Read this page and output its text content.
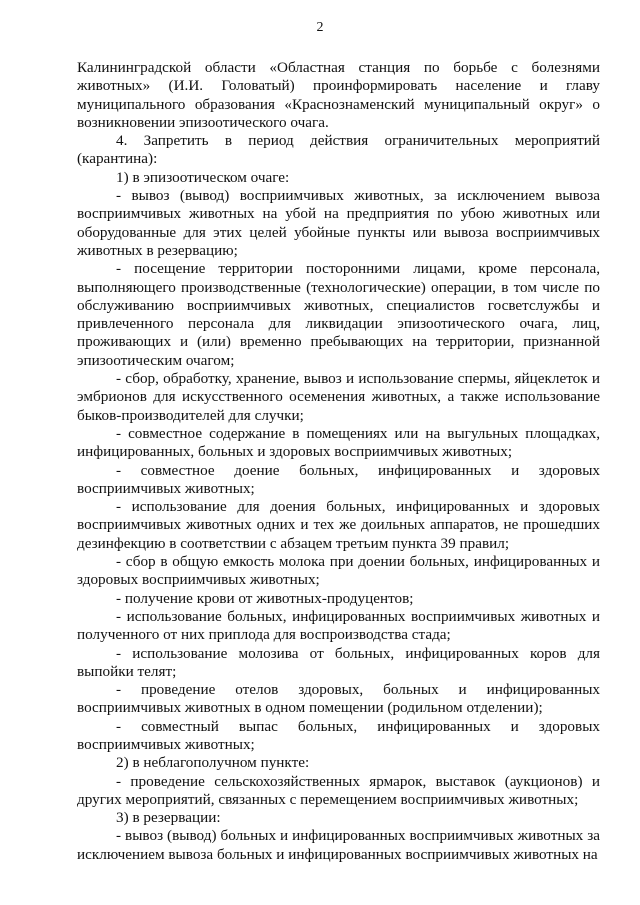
2

Калининградской области «Областная станция по борьбе с болезнями животных» (И.И. Головатый) проинформировать население и главу муниципального образования «Краснознаменский муниципальный округ» о возникновении эпизоотического очага.

4. Запретить в период действия ограничительных мероприятий (карантина):

1) в эпизоотическом очаге:

- вывоз (вывод) восприимчивых животных, за исключением вывоза восприимчивых животных на убой на предприятия по убою животных или оборудованные для этих целей убойные пункты или вывоза восприимчивых животных в резервацию;

- посещение территории посторонними лицами, кроме персонала, выполняющего производственные (технологические) операции, в том числе по обслуживанию восприимчивых животных, специалистов госветслужбы и привлеченного персонала для ликвидации эпизоотического очага, лиц, проживающих и (или) временно пребывающих на территории, признанной эпизоотическим очагом;

- сбор, обработку, хранение, вывоз и использование спермы, яйцеклеток и эмбрионов для искусственного осеменения животных, а также использование быков-производителей для случки;

- совместное содержание в помещениях или на выгульных площадках, инфицированных, больных и здоровых восприимчивых животных;

- совместное доение больных, инфицированных и здоровых восприимчивых животных;

- использование для доения больных, инфицированных и здоровых восприимчивых животных одних и тех же доильных аппаратов, не прошедших дезинфекцию в соответствии с абзацем третьим пункта 39 правил;

- сбор в общую емкость молока при доении больных, инфицированных и здоровых восприимчивых животных;

- получение крови от животных-продуцентов;

- использование больных, инфицированных восприимчивых животных и полученного от них приплода для воспроизводства стада;

- использование молозива от больных, инфицированных коров для выпойки телят;

- проведение отелов здоровых, больных и инфицированных восприимчивых животных в одном помещении (родильном отделении);

- совместный выпас больных, инфицированных и здоровых восприимчивых животных;

2) в неблагополучном пункте:

- проведение сельскохозяйственных ярмарок, выставок (аукционов) и других мероприятий, связанных с перемещением восприимчивых животных;

3) в резервации:

- вывоз (вывод) больных и инфицированных восприимчивых животных за исключением вывоза больных и инфицированных восприимчивых животных на
